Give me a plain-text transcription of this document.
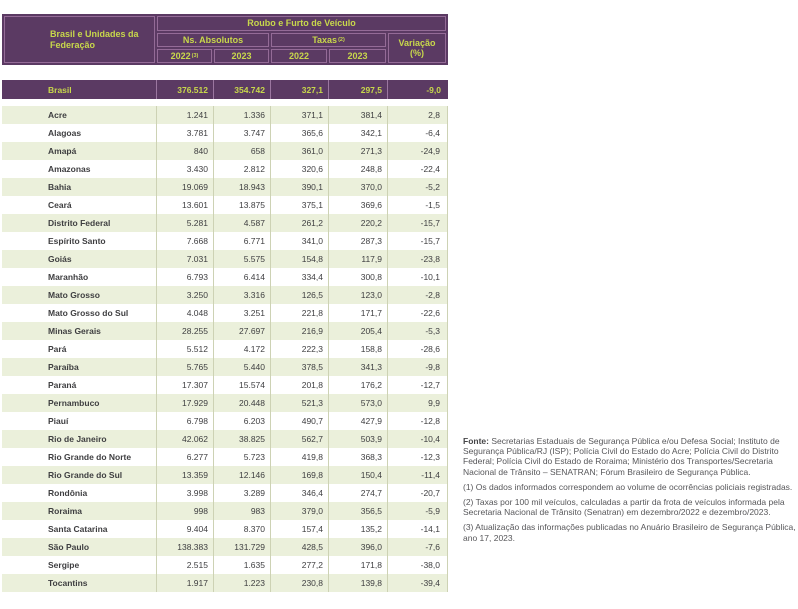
Brasil e Unidades da Federação
Roubo e Furto de Veículo
Ns. Absolutos	Taxas (2)	Variação
(%)
2022 (3)	2023	2022	2023
Brasil	376.512	354.742	327,1	297,5	-9,0
Acre	1.241	1.336	371,1	381,4	2,8
Alagoas	3.781	3.747	365,6	342,1	-6,4
Amapá	840	658	361,0	271,3	-24,9
Amazonas	3.430	2.812	320,6	248,8	-22,4
Bahia	19.069	18.943	390,1	370,0	-5,2
Ceará	13.601	13.875	375,1	369,6	-1,5
Distrito Federal	5.281	4.587	261,2	220,2	-15,7
Espírito Santo	7.668	6.771	341,0	287,3	-15,7
Goiás	7.031	5.575	154,8	117,9	-23,8
Maranhão	6.793	6.414	334,4	300,8	-10,1
Mato Grosso	3.250	3.316	126,5	123,0	-2,8
Mato Grosso do Sul	4.048	3.251	221,8	171,7	-22,6
Minas Gerais	28.255	27.697	216,9	205,4	-5,3
Pará	5.512	4.172	222,3	158,8	-28,6
Paraíba	5.765	5.440	378,5	341,3	-9,8
Paraná	17.307	15.574	201,8	176,2	-12,7
Pernambuco	17.929	20.448	521,3	573,0	9,9
Piauí	6.798	6.203	490,7	427,9	-12,8
Rio de Janeiro	42.062	38.825	562,7	503,9	-10,4
Rio Grande do Norte	6.277	5.723	419,8	368,3	-12,3
Rio Grande do Sul	13.359	12.146	169,8	150,4	-11,4
Rondônia	3.998	3.289	346,4	274,7	-20,7
Roraima	998	983	379,0	356,5	-5,9
Santa Catarina	9.404	8.370	157,4	135,2	-14,1
São Paulo	138.383	131.729	428,5	396,0	-7,6
Sergipe	2.515	1.635	277,2	171,8	-38,0
Tocantins	1.917	1.223	230,8	139,8	-39,4

Fonte: Secretarias Estaduais de Segurança Pública e/ou Defesa Social; Instituto de Segurança Pública/RJ (ISP); Polícia Civil do Estado do Acre; Polícia Civil do Distrito Federal; Polícia Civil do Estado de Roraima; Ministério dos Transportes/Secretaria Nacional de Trânsito – SENATRAN; Fórum Brasileiro de Segurança Pública.

(1) Os dados informados correspondem ao volume de ocorrências policiais registradas.

(2) Taxas por 100 mil veículos, calculadas a partir da frota de veículos informada pela Secretaria Nacional de Trânsito (Senatran) em dezembro/2022 e dezembro/2023.

(3) Atualização das informações publicadas no Anuário Brasileiro de Segurança Pública, ano 17, 2023.
